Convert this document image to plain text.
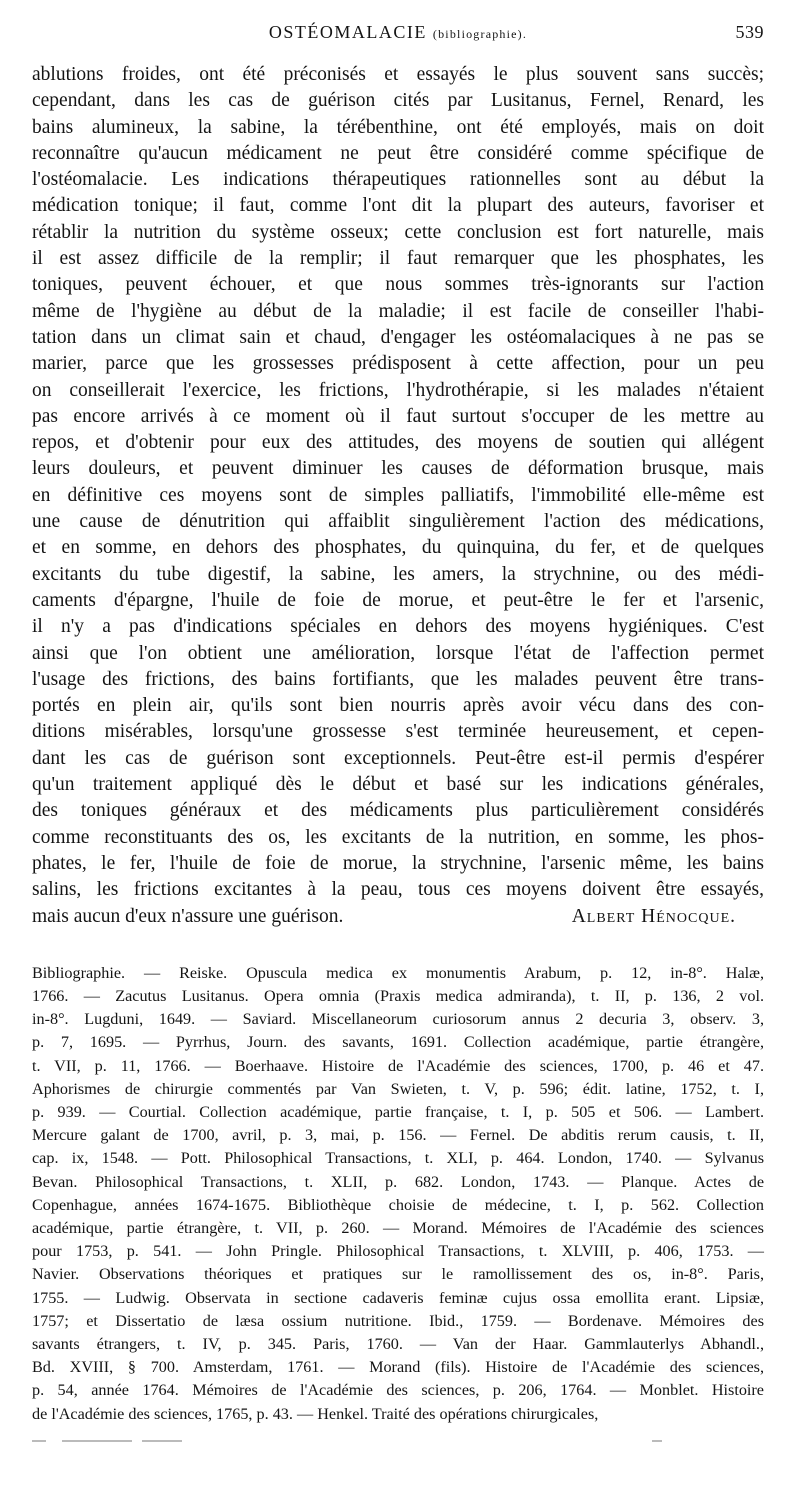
OSTÉOMALACIE (bibliographie).	539
ablutions froides, ont été préconisés et essayés le plus souvent sans succès;
cependant, dans les cas de guérison cités par Lusitanus, Fernel, Renard, les
bains alumineux, la sabine, la térébenthine, ont été employés, mais on doit
reconnaître qu'aucun médicament ne peut être considéré comme spécifique de
l'ostéomalacie. Les indications thérapeutiques rationnelles sont au début la
médication tonique; il faut, comme l'ont dit la plupart des auteurs, favoriser et
rétablir la nutrition du système osseux; cette conclusion est fort naturelle, mais
il est assez difficile de la remplir; il faut remarquer que les phosphates, les
toniques, peuvent échouer, et que nous sommes très-ignorants sur l'action
même de l'hygiène au début de la maladie; il est facile de conseiller l'habi-
tation dans un climat sain et chaud, d'engager les ostéomalaciques à ne pas se
marier, parce que les grossesses prédisposent à cette affection, pour un peu
on conseillerait l'exercice, les frictions, l'hydrothérapie, si les malades n'étaient
pas encore arrivés à ce moment où il faut surtout s'occuper de les mettre au
repos, et d'obtenir pour eux des attitudes, des moyens de soutien qui allégent
leurs douleurs, et peuvent diminuer les causes de déformation brusque, mais
en définitive ces moyens sont de simples palliatifs, l'immobilité elle-même est
une cause de dénutrition qui affaiblit singulièrement l'action des médications,
et en somme, en dehors des phosphates, du quinquina, du fer, et de quelques
excitants du tube digestif, la sabine, les amers, la strychnine, ou des médi-
caments d'épargne, l'huile de foie de morue, et peut-être le fer et l'arsenic,
il n'y a pas d'indications spéciales en dehors des moyens hygiéniques. C'est
ainsi que l'on obtient une amélioration, lorsque l'état de l'affection permet
l'usage des frictions, des bains fortifiants, que les malades peuvent être trans-
portés en plein air, qu'ils sont bien nourris après avoir vécu dans des con-
ditions misérables, lorsqu'une grossesse s'est terminée heureusement, et cepen-
dant les cas de guérison sont exceptionnels. Peut-être est-il permis d'espérer
qu'un traitement appliqué dès le début et basé sur les indications générales,
des toniques généraux et des médicaments plus particulièrement considérés
comme reconstituants des os, les excitants de la nutrition, en somme, les phos-
phates, le fer, l'huile de foie de morue, la strychnine, l'arsenic même, les bains
salins, les frictions excitantes à la peau, tous ces moyens doivent être essayés,
mais aucun d'eux n'assure une guérison.	Albert Hénocque.
Bibliographie. — Reiske. Opuscula medica ex monumentis Arabum, p. 12, in-8°. Halæ,
1766. — Zacutus Lusitanus. Opera omnia (Praxis medica admiranda), t. II, p. 136, 2 vol.
in-8°. Lugduni, 1649. — Saviard. Miscellaneorum curiosorum annus 2 decuria 3, observ. 3,
p. 7, 1695. — Pyrrhus, Journ. des savants, 1691. Collection académique, partie étrangère,
t. VII, p. 11, 1766. — Boerhaave. Histoire de l'Académie des sciences, 1700, p. 46 et 47.
Aphorismes de chirurgie commentés par Van Swieten, t. V, p. 596; édit. latine, 1752, t. I,
p. 939. — Courtial. Collection académique, partie française, t. I, p. 505 et 506. — Lambert.
Mercure galant de 1700, avril, p. 3, mai, p. 156. — Fernel. De abditis rerum causis, t. II,
cap. ix, 1548. — Pott. Philosophical Transactions, t. XLI, p. 464. London, 1740. — Sylvanus
Bevan. Philosophical Transactions, t. XLII, p. 682. London, 1743. — Planque. Actes de
Copenhague, années 1674-1675. Bibliothèque choisie de médecine, t. I, p. 562. Collection
académique, partie étrangère, t. VII, p. 260. — Morand. Mémoires de l'Académie des sciences
pour 1753, p. 541. — John Pringle. Philosophical Transactions, t. XLVIII, p. 406, 1753. —
Navier. Observations théoriques et pratiques sur le ramollissement des os, in-8°. Paris,
1755. — Ludwig. Observata in sectione cadaveris feminæ cujus ossa emollita erant. Lipsiæ,
1757; et Dissertatio de læsa ossium nutritione. Ibid., 1759. — Bordenave. Mémoires des
savants étrangers, t. IV, p. 345. Paris, 1760. — Van der Haar. Gammlauterlys Abhandl.,
Bd. XVIII, § 700. Amsterdam, 1761. — Morand (fils). Histoire de l'Académie des sciences,
p. 54, année 1764. Mémoires de l'Académie des sciences, p. 206, 1764. — Monblet. Histoire
de l'Académie des sciences, 1765, p. 43. — Henkel. Traité des opérations chirurgicales,
